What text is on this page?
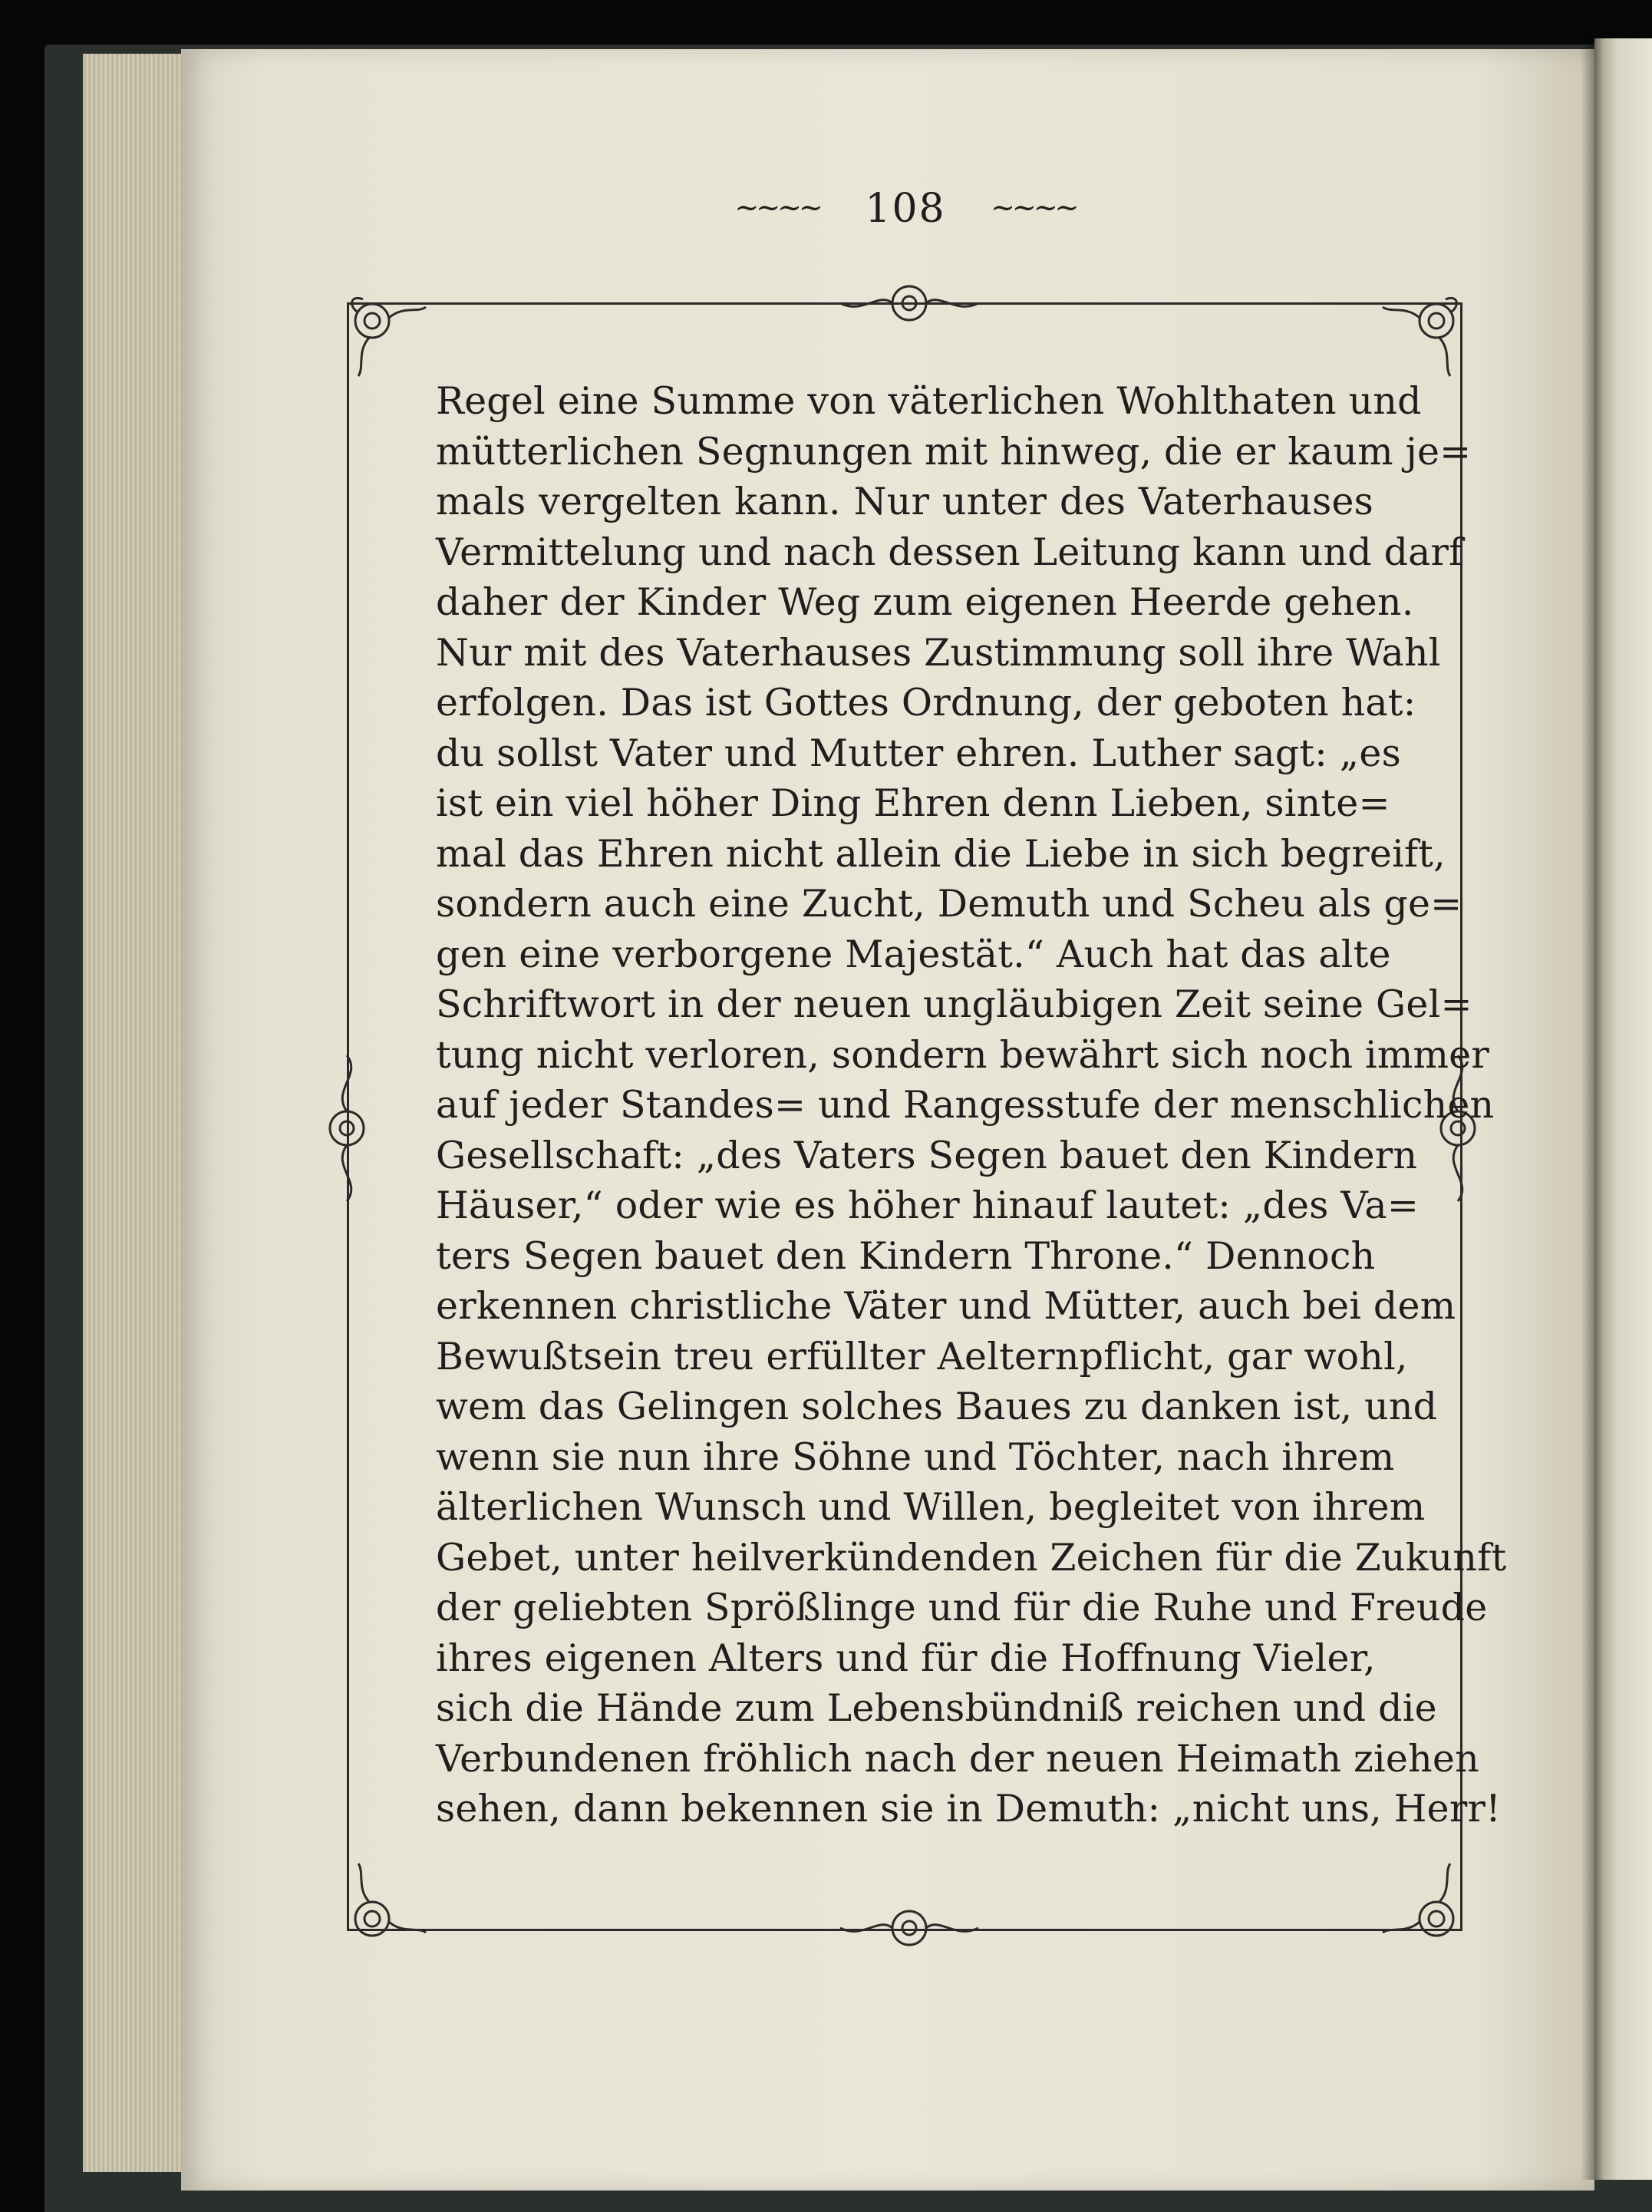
~~~~ 108 ~~~~
Regel eine Summe von väterlichen Wohlthaten und
mütterlichen Segnungen mit hinweg, die er kaum je=
mals vergelten kann. Nur unter des Vaterhauses
Vermittelung und nach dessen Leitung kann und darf
daher der Kinder Weg zum eigenen Heerde gehen.
Nur mit des Vaterhauses Zustimmung soll ihre Wahl
erfolgen. Das ist Gottes Ordnung, der geboten hat:
du sollst Vater und Mutter ehren. Luther sagt: „es
ist ein viel höher Ding Ehren denn Lieben, sinte=
mal das Ehren nicht allein die Liebe in sich begreift,
sondern auch eine Zucht, Demuth und Scheu als ge=
gen eine verborgene Majestät.“ Auch hat das alte
Schriftwort in der neuen ungläubigen Zeit seine Gel=
tung nicht verloren, sondern bewährt sich noch immer
auf jeder Standes= und Rangesstufe der menschlichen
Gesellschaft: „des Vaters Segen bauet den Kindern
Häuser,“ oder wie es höher hinauf lautet: „des Va=
ters Segen bauet den Kindern Throne.“ Dennoch
erkennen christliche Väter und Mütter, auch bei dem
Bewußtsein treu erfüllter Aelternpflicht, gar wohl,
wem das Gelingen solches Baues zu danken ist, und
wenn sie nun ihre Söhne und Töchter, nach ihrem
älterlichen Wunsch und Willen, begleitet von ihrem
Gebet, unter heilverkündenden Zeichen für die Zukunft
der geliebten Sprößlinge und für die Ruhe und Freude
ihres eigenen Alters und für die Hoffnung Vieler,
sich die Hände zum Lebensbündniß reichen und die
Verbundenen fröhlich nach der neuen Heimath ziehen
sehen, dann bekennen sie in Demuth: „nicht uns, Herr!
